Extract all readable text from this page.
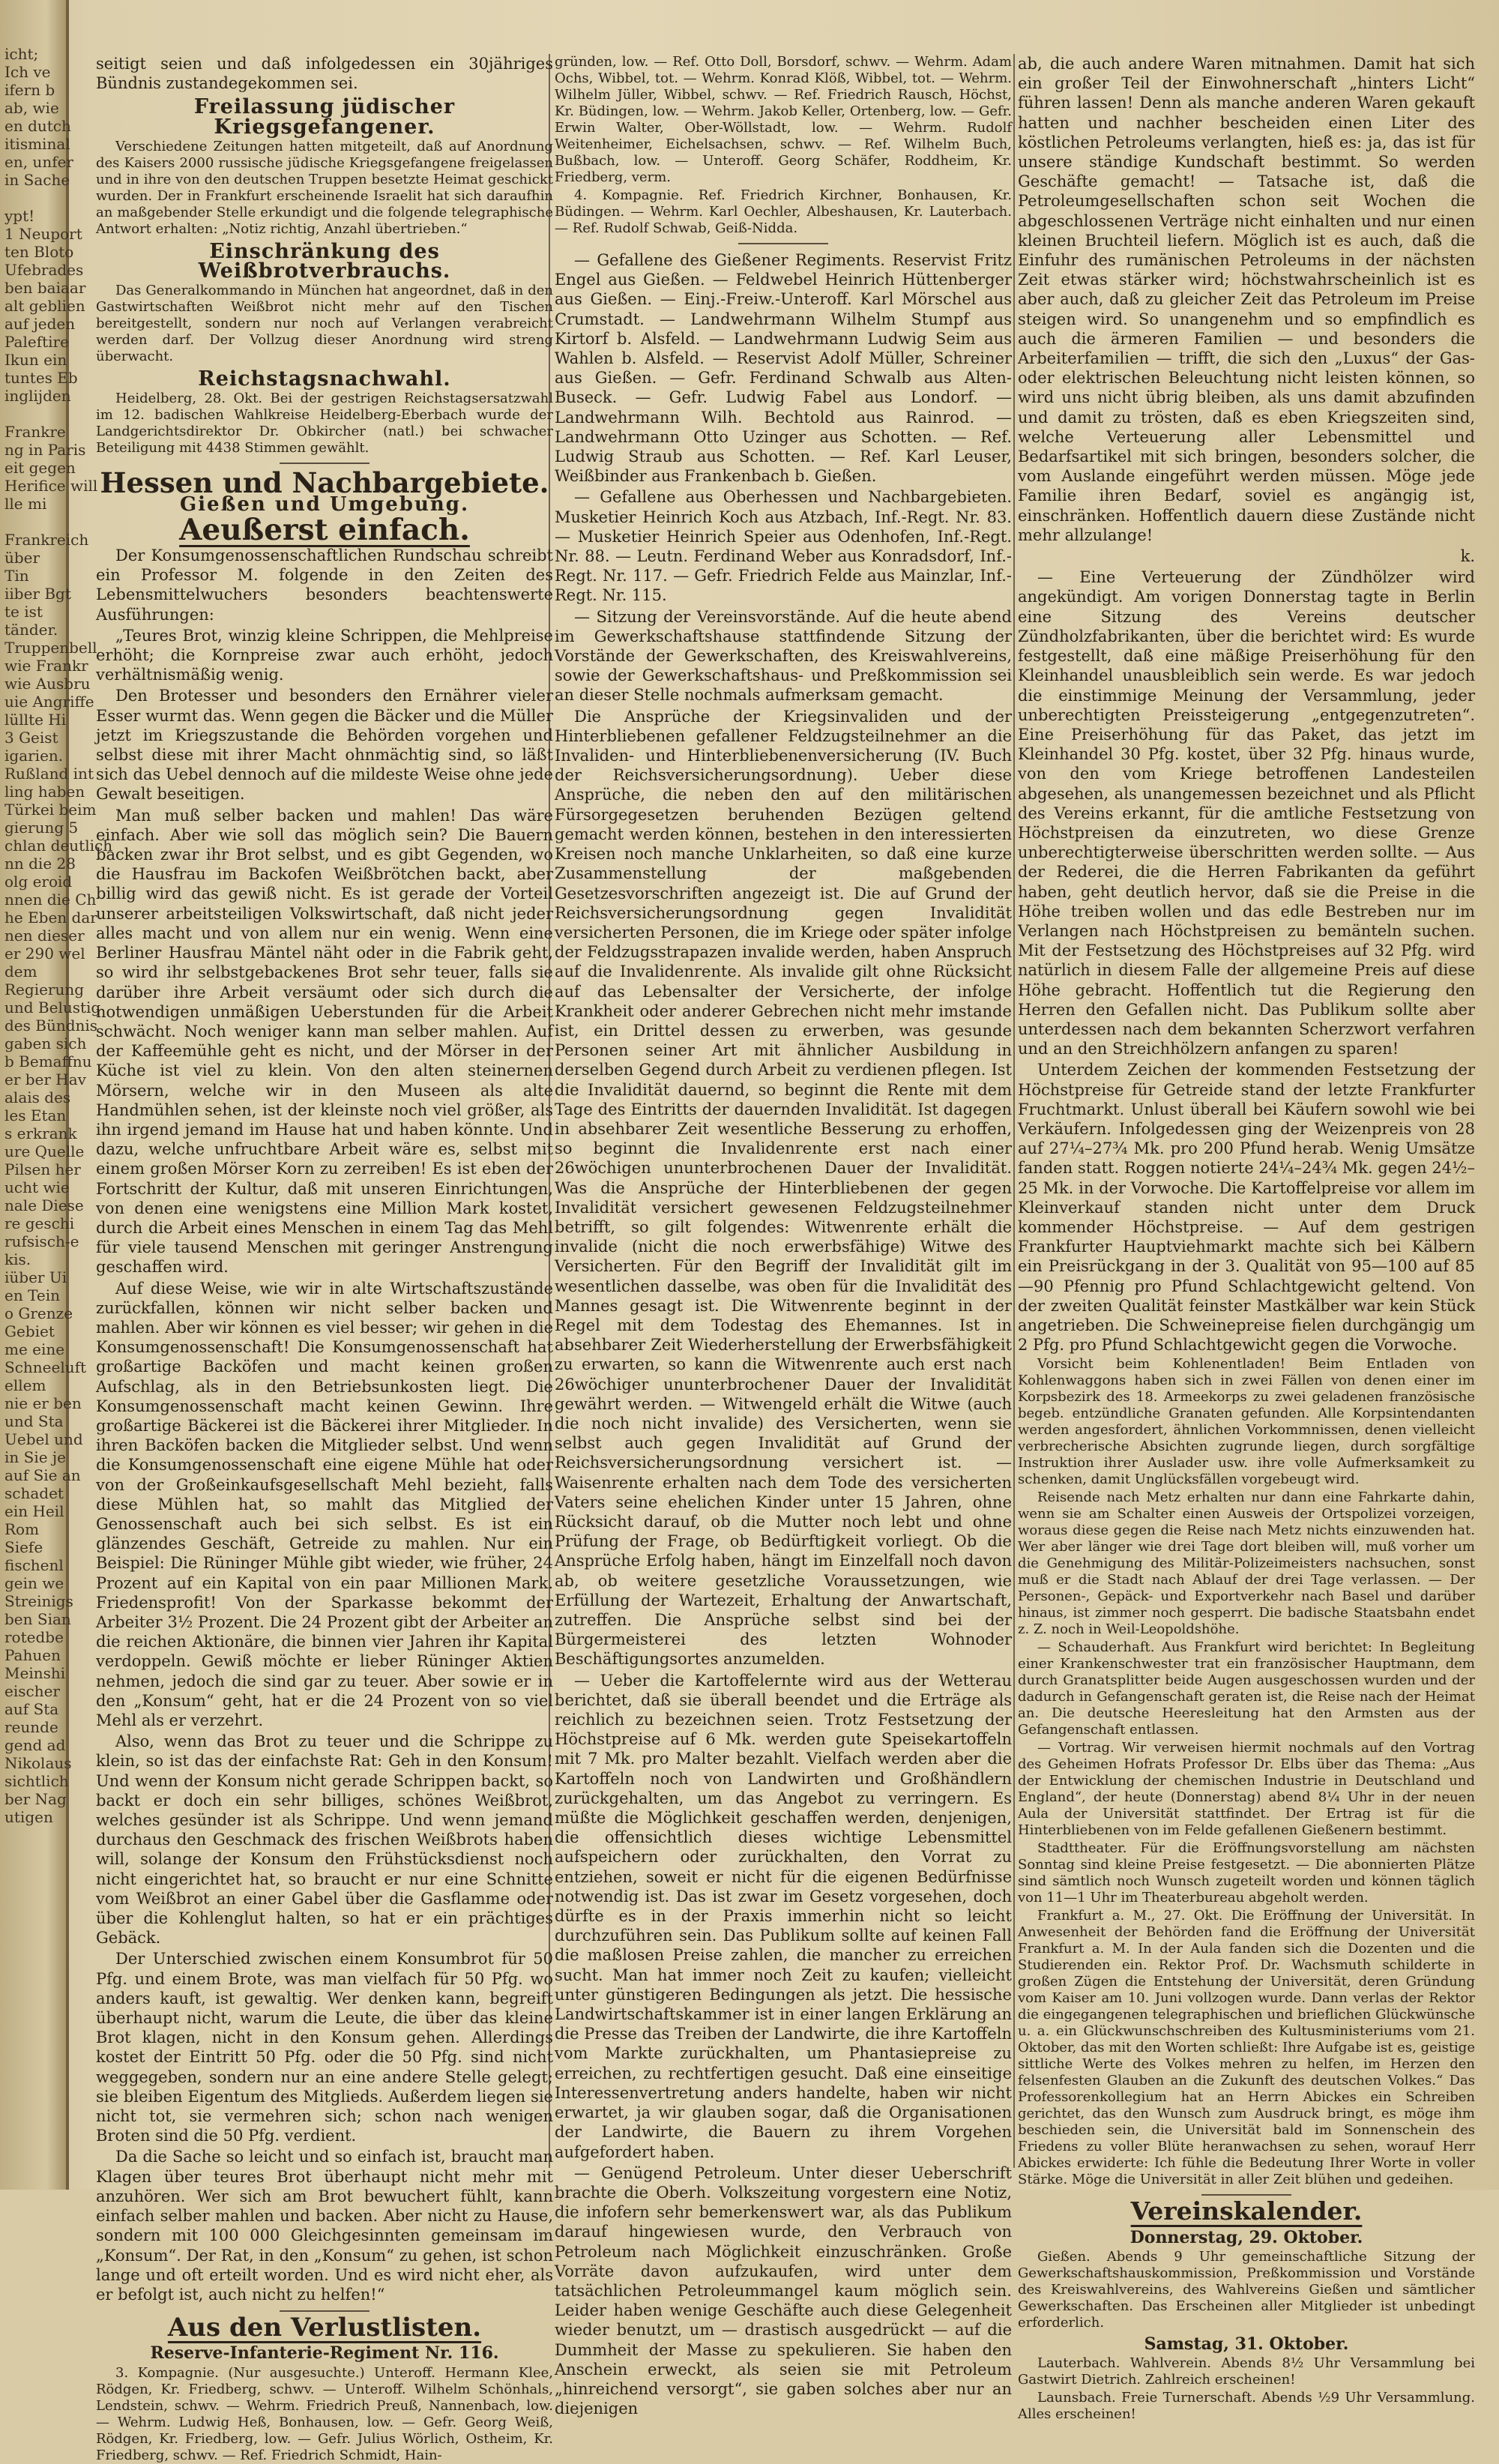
icht;
Ich ve
ifern b
ab, wie
en dutch
itisminal
en, unfer
in Sache

ypt!
1 Neuport
ten Bloto
Ufebrades
ben baiaar
alt geblien
auf jeden
Paleftire
Ikun ein
tuntes Eb
inglijden

Frankre
ng in Paris
eit gegen
Herifice will
lle mi

Frankreich
über
Tin
iiber Bgt
te ist
tänder.
Truppenbell
wie Frankr
wie Ausbru
uie Angriffe
lüllte Hi
3 Geist
igarien.
Rußland int
ling haben
Türkei beim
gierung 5
chlan deutlich
nn die 28
olg eroid
nnen die Ch
he Eben dar
nen dieser
er 290 wel
dem
Regierung
und Belustig
des Bündnis
gaben sich
b Bemaffnu
er ber Hav
alais des
les Etan
s erkrank
ure Quelle
Pilsen her
ucht wie
nale Diese
re geschi
rufsisch-e
kis.
iüber Ui
en Tein
o Grenze
Gebiet
me eine
Schneeluft
ellem
nie er ben
und Sta
Uebel und
in Sie je
auf Sie an
schadet
ein Heil
Rom
Siefe
fischenl
gein we
Streinigs
ben Sian
rotedbe
Pahuen
Meinshi
eischer
auf Sta
reunde
gend ad
Nikolaus
sichtlich
ber Nag
utigen

seitigt seien und daß infolgedessen ein 30jähriges Bündnis zustandegekommen sei.

Freilassung jüdischer Kriegsgefangener.

Verschiedene Zeitungen hatten mitgeteilt, daß auf Anordnung des Kaisers 2000 russische jüdische Kriegsgefangene freigelassen und in ihre von den deutschen Truppen besetzte Heimat geschickt wurden. Der in Frankfurt erscheinende Israelit hat sich daraufhin an maßgebender Stelle erkundigt und die folgende telegraphische Antwort erhalten: „Notiz richtig, Anzahl übertrieben.“

Einschränkung des Weißbrotverbrauchs.

Das Generalkommando in München hat angeordnet, daß in den Gastwirtschaften Weißbrot nicht mehr auf den Tischen bereitgestellt, sondern nur noch auf Verlangen verabreicht werden darf. Der Vollzug dieser Anordnung wird streng überwacht.

Reichstagsnachwahl.

Heidelberg, 28. Okt. Bei der gestrigen Reichstagsersatzwahl im 12. badischen Wahlkreise Heidelberg-Eberbach wurde der Landgerichtsdirektor Dr. Obkircher (natl.) bei schwacher Beteiligung mit 4438 Stimmen gewählt.

Hessen und Nachbargebiete.
Gießen und Umgebung.
Aeußerst einfach.

Der Konsumgenossenschaftlichen Rundschau schreibt ein Professor M. folgende in den Zeiten des Lebensmittelwuchers besonders beachtenswerte Ausführungen:

„Teures Brot, winzig kleine Schrippen, die Mehlpreise erhöht; die Kornpreise zwar auch erhöht, jedoch verhältnismäßig wenig.

Den Brotesser und besonders den Ernährer vieler Esser wurmt das. Wenn gegen die Bäcker und die Müller jetzt im Kriegszustande die Behörden vorgehen und selbst diese mit ihrer Macht ohnmächtig sind, so läßt sich das Uebel dennoch auf die mildeste Weise ohne jede Gewalt beseitigen.

Man muß selber backen und mahlen! Das wäre einfach. Aber wie soll das möglich sein? Die Bauern backen zwar ihr Brot selbst, und es gibt Gegenden, wo die Hausfrau im Backofen Weißbrötchen backt, aber billig wird das gewiß nicht. Es ist gerade der Vorteil unserer arbeitsteiligen Volkswirtschaft, daß nicht jeder alles macht und von allem nur ein wenig. Wenn eine Berliner Hausfrau Mäntel näht oder in die Fabrik geht, so wird ihr selbstgebackenes Brot sehr teuer, falls sie darüber ihre Arbeit versäumt oder sich durch die notwendigen unmäßigen Ueberstunden für die Arbeit schwächt. Noch weniger kann man selber mahlen. Auf der Kaffeemühle geht es nicht, und der Mörser in der Küche ist viel zu klein. Von den alten steinernen Mörsern, welche wir in den Museen als alte Handmühlen sehen, ist der kleinste noch viel größer, als ihn irgend jemand im Hause hat und haben könnte. Und dazu, welche unfruchtbare Arbeit wäre es, selbst mit einem großen Mörser Korn zu zerreiben! Es ist eben der Fortschritt der Kultur, daß mit unseren Einrichtungen, von denen eine wenigstens eine Million Mark kostet, durch die Arbeit eines Menschen in einem Tag das Mehl für viele tausend Menschen mit geringer Anstrengung geschaffen wird.

Auf diese Weise, wie wir in alte Wirtschaftszustände zurückfallen, können wir nicht selber backen und mahlen. Aber wir können es viel besser; wir gehen in die Konsumgenossenschaft! Die Konsumgenossenschaft hat großartige Backöfen und macht keinen großen Aufschlag, als in den Betriebsunkosten liegt. Die Konsumgenossenschaft macht keinen Gewinn. Ihre großartige Bäckerei ist die Bäckerei ihrer Mitglieder. In ihren Backöfen backen die Mitglieder selbst. Und wenn die Konsumgenossenschaft eine eigene Mühle hat oder von der Großeinkaufsgesellschaft Mehl bezieht, falls diese Mühlen hat, so mahlt das Mitglied der Genossenschaft auch bei sich selbst. Es ist ein glänzendes Geschäft, Getreide zu mahlen. Nur ein Beispiel: Die Rüninger Mühle gibt wieder, wie früher, 24 Prozent auf ein Kapital von ein paar Millionen Mark. Friedensprofit! Von der Sparkasse bekommt der Arbeiter 3½ Prozent. Die 24 Prozent gibt der Arbeiter an die reichen Aktionäre, die binnen vier Jahren ihr Kapital verdoppeln. Gewiß möchte er lieber Rüninger Aktien nehmen, jedoch die sind gar zu teuer. Aber sowie er in den „Konsum“ geht, hat er die 24 Prozent von so viel Mehl als er verzehrt.

Also, wenn das Brot zu teuer und die Schrippe zu klein, so ist das der einfachste Rat: Geh in den Konsum! Und wenn der Konsum nicht gerade Schrippen backt, so backt er doch ein sehr billiges, schönes Weißbrot, welches gesünder ist als Schrippe. Und wenn jemand durchaus den Geschmack des frischen Weißbrots haben will, solange der Konsum den Frühstücksdienst noch nicht eingerichtet hat, so braucht er nur eine Schnitte vom Weißbrot an einer Gabel über die Gasflamme oder über die Kohlenglut halten, so hat er ein prächtiges Gebäck.

Der Unterschied zwischen einem Konsumbrot für 50 Pfg. und einem Brote, was man vielfach für 50 Pfg. wo anders kauft, ist gewaltig. Wer denken kann, begreift überhaupt nicht, warum die Leute, die über das kleine Brot klagen, nicht in den Konsum gehen. Allerdings kostet der Eintritt 50 Pfg. oder die 50 Pfg. sind nicht weggegeben, sondern nur an eine andere Stelle gelegt; sie bleiben Eigentum des Mitglieds. Außerdem liegen sie nicht tot, sie vermehren sich; schon nach wenigen Broten sind die 50 Pfg. verdient.

Da die Sache so leicht und so einfach ist, braucht man Klagen über teures Brot überhaupt nicht mehr mit anzuhören. Wer sich am Brot bewuchert fühlt, kann einfach selber mahlen und backen. Aber nicht zu Hause, sondern mit 100 000 Gleichgesinnten gemeinsam im „Konsum“. Der Rat, in den „Konsum“ zu gehen, ist schon lange und oft erteilt worden. Und es wird nicht eher, als er befolgt ist, auch nicht zu helfen!“

Aus den Verlustlisten.
Reserve-Infanterie-Regiment Nr. 116.

3. Kompagnie. (Nur ausgesuchte.) Unteroff. Hermann Klee, Rödgen, Kr. Friedberg, schwv. — Unteroff. Wilhelm Schönhals, Lendstein, schwv. — Wehrm. Friedrich Preuß, Nannenbach, low. — Wehrm. Ludwig Heß, Bonhausen, low. — Gefr. Georg Weiß, Rödgen, Kr. Friedberg, low. — Gefr. Julius Wörlich, Ostheim, Kr. Friedberg, schwv. — Ref. Friedrich Schmidt, Hain-

gründen, low. — Ref. Otto Doll, Borsdorf, schwv. — Wehrm. Adam Ochs, Wibbel, tot. — Wehrm. Konrad Klöß, Wibbel, tot. — Wehrm. Wilhelm Jüller, Wibbel, schwv. — Ref. Friedrich Rausch, Höchst, Kr. Büdingen, low. — Wehrm. Jakob Keller, Ortenberg, low. — Gefr. Erwin Walter, Ober-Wöllstadt, low. — Wehrm. Rudolf Weitenheimer, Eichelsachsen, schwv. — Ref. Wilhelm Buch, Bußbach, low. — Unteroff. Georg Schäfer, Roddheim, Kr. Friedberg, verm.

4. Kompagnie. Ref. Friedrich Kirchner, Bonhausen, Kr. Büdingen. — Wehrm. Karl Oechler, Albeshausen, Kr. Lauterbach. — Ref. Rudolf Schwab, Geiß-Nidda.

— Gefallene des Gießener Regiments. Reservist Fritz Engel aus Gießen. — Feldwebel Heinrich Hüttenberger aus Gießen. — Einj.-Freiw.-Unteroff. Karl Mörschel aus Crumstadt. — Landwehrmann Wilhelm Stumpf aus Kirtorf b. Alsfeld. — Landwehrmann Ludwig Seim aus Wahlen b. Alsfeld. — Reservist Adolf Müller, Schreiner aus Gießen. — Gefr. Ferdinand Schwalb aus Alten-Buseck. — Gefr. Ludwig Fabel aus Londorf. — Landwehrmann Wilh. Bechtold aus Rainrod. — Landwehrmann Otto Uzinger aus Schotten. — Ref. Ludwig Straub aus Schotten. — Ref. Karl Leuser, Weißbinder aus Frankenbach b. Gießen.

— Gefallene aus Oberhessen und Nachbargebieten. Musketier Heinrich Koch aus Atzbach, Inf.-Regt. Nr. 83. — Musketier Heinrich Speier aus Odenhofen, Inf.-Regt. Nr. 88. — Leutn. Ferdinand Weber aus Konradsdorf, Inf.-Regt. Nr. 117. — Gefr. Friedrich Felde aus Mainzlar, Inf.-Regt. Nr. 115.

— Sitzung der Vereinsvorstände. Auf die heute abend im Gewerkschaftshause stattfindende Sitzung der Vorstände der Gewerkschaften, des Kreiswahlvereins, sowie der Gewerkschaftshaus- und Preßkommission sei an dieser Stelle nochmals aufmerksam gemacht.

Die Ansprüche der Kriegsinvaliden und der Hinterbliebenen gefallener Feldzugsteilnehmer an die Invaliden- und Hinterbliebenenversicherung (IV. Buch der Reichsversicherungsordnung). Ueber diese Ansprüche, die neben den auf den militärischen Fürsorgegesetzen beruhenden Bezügen geltend gemacht werden können, bestehen in den interessierten Kreisen noch manche Unklarheiten, so daß eine kurze Zusammenstellung der maßgebenden Gesetzesvorschriften angezeigt ist. Die auf Grund der Reichsversicherungsordnung gegen Invalidität versicherten Personen, die im Kriege oder später infolge der Feldzugsstrapazen invalide werden, haben Anspruch auf die Invalidenrente. Als invalide gilt ohne Rücksicht auf das Lebensalter der Versicherte, der infolge Krankheit oder anderer Gebrechen nicht mehr imstande ist, ein Drittel dessen zu erwerben, was gesunde Personen seiner Art mit ähnlicher Ausbildung in derselben Gegend durch Arbeit zu verdienen pflegen. Ist die Invalidität dauernd, so beginnt die Rente mit dem Tage des Eintritts der dauernden Invalidität. Ist dagegen in absehbarer Zeit wesentliche Besserung zu erhoffen, so beginnt die Invalidenrente erst nach einer 26wöchigen ununterbrochenen Dauer der Invalidität. Was die Ansprüche der Hinterbliebenen der gegen Invalidität versichert gewesenen Feldzugsteilnehmer betrifft, so gilt folgendes: Witwenrente erhält die invalide (nicht die noch erwerbsfähige) Witwe des Versicherten. Für den Begriff der Invalidität gilt im wesentlichen dasselbe, was oben für die Invalidität des Mannes gesagt ist. Die Witwenrente beginnt in der Regel mit dem Todestag des Ehemannes. Ist in absehbarer Zeit Wiederherstellung der Erwerbsfähigkeit zu erwarten, so kann die Witwenrente auch erst nach 26wöchiger ununterbrochener Dauer der Invalidität gewährt werden. — Witwengeld erhält die Witwe (auch die noch nicht invalide) des Versicherten, wenn sie selbst auch gegen Invalidität auf Grund der Reichsversicherungsordnung versichert ist. — Waisenrente erhalten nach dem Tode des versicherten Vaters seine ehelichen Kinder unter 15 Jahren, ohne Rücksicht darauf, ob die Mutter noch lebt und ohne Prüfung der Frage, ob Bedürftigkeit vorliegt. Ob die Ansprüche Erfolg haben, hängt im Einzelfall noch davon ab, ob weitere gesetzliche Voraussetzungen, wie Erfüllung der Wartezeit, Erhaltung der Anwartschaft, zutreffen. Die Ansprüche selbst sind bei der Bürgermeisterei des letzten Wohnoder Beschäftigungsortes anzumelden.

— Ueber die Kartoffelernte wird aus der Wetterau berichtet, daß sie überall beendet und die Erträge als reichlich zu bezeichnen seien. Trotz Festsetzung der Höchstpreise auf 6 Mk. werden gute Speisekartoffeln mit 7 Mk. pro Malter bezahlt. Vielfach werden aber die Kartoffeln noch von Landwirten und Großhändlern zurückgehalten, um das Angebot zu verringern. Es müßte die Möglichkeit geschaffen werden, denjenigen, die offensichtlich dieses wichtige Lebensmittel aufspeichern oder zurückhalten, den Vorrat zu entziehen, soweit er nicht für die eigenen Bedürfnisse notwendig ist. Das ist zwar im Gesetz vorgesehen, doch dürfte es in der Praxis immerhin nicht so leicht durchzuführen sein. Das Publikum sollte auf keinen Fall die maßlosen Preise zahlen, die mancher zu erreichen sucht. Man hat immer noch Zeit zu kaufen; vielleicht unter günstigeren Bedingungen als jetzt. Die hessische Landwirtschaftskammer ist in einer langen Erklärung an die Presse das Treiben der Landwirte, die ihre Kartoffeln vom Markte zurückhalten, um Phantasiepreise zu erreichen, zu rechtfertigen gesucht. Daß eine einseitige Interessenvertretung anders handelte, haben wir nicht erwartet, ja wir glauben sogar, daß die Organisationen der Landwirte, die Bauern zu ihrem Vorgehen aufgefordert haben.

— Genügend Petroleum. Unter dieser Ueberschrift brachte die Oberh. Volkszeitung vorgestern eine Notiz, die infofern sehr bemerkenswert war, als das Publikum darauf hingewiesen wurde, den Verbrauch von Petroleum nach Möglichkeit einzuschränken. Große Vorräte davon aufzukaufen, wird unter dem tatsächlichen Petroleummangel kaum möglich sein. Leider haben wenige Geschäfte auch diese Gelegenheit wieder benutzt, um — drastisch ausgedrückt — auf die Dummheit der Masse zu spekulieren. Sie haben den Anschein erweckt, als seien sie mit Petroleum „hinreichend versorgt“, sie gaben solches aber nur an diejenigen

ab, die auch andere Waren mitnahmen. Damit hat sich ein großer Teil der Einwohnerschaft „hinters Licht“ führen lassen! Denn als manche anderen Waren gekauft hatten und nachher bescheiden einen Liter des köstlichen Petroleums verlangten, hieß es: ja, das ist für unsere ständige Kundschaft bestimmt. So werden Geschäfte gemacht! — Tatsache ist, daß die Petroleumgesellschaften schon seit Wochen die abgeschlossenen Verträge nicht einhalten und nur einen kleinen Bruchteil liefern. Möglich ist es auch, daß die Einfuhr des rumänischen Petroleums in der nächsten Zeit etwas stärker wird; höchstwahrscheinlich ist es aber auch, daß zu gleicher Zeit das Petroleum im Preise steigen wird. So unangenehm und so empfindlich es auch die ärmeren Familien — und besonders die Arbeiterfamilien — trifft, die sich den „Luxus“ der Gas- oder elektrischen Beleuchtung nicht leisten können, so wird uns nicht übrig bleiben, als uns damit abzufinden und damit zu trösten, daß es eben Kriegszeiten sind, welche Verteuerung aller Lebensmittel und Bedarfsartikel mit sich bringen, besonders solcher, die vom Auslande eingeführt werden müssen. Möge jede Familie ihren Bedarf, soviel es angängig ist, einschränken. Hoffentlich dauern diese Zustände nicht mehr allzulange!

k.

— Eine Verteuerung der Zündhölzer wird angekündigt. Am vorigen Donnerstag tagte in Berlin eine Sitzung des Vereins deutscher Zündholzfabrikanten, über die berichtet wird: Es wurde festgestellt, daß eine mäßige Preiserhöhung für den Kleinhandel unausbleiblich sein werde. Es war jedoch die einstimmige Meinung der Versammlung, jeder unberechtigten Preissteigerung „entgegenzutreten“. Eine Preiserhöhung für das Paket, das jetzt im Kleinhandel 30 Pfg. kostet, über 32 Pfg. hinaus wurde, von den vom Kriege betroffenen Landesteilen abgesehen, als unangemessen bezeichnet und als Pflicht des Vereins erkannt, für die amtliche Festsetzung von Höchstpreisen da einzutreten, wo diese Grenze unberechtigterweise überschritten werden sollte. — Aus der Rederei, die die Herren Fabrikanten da geführt haben, geht deutlich hervor, daß sie die Preise in die Höhe treiben wollen und das edle Bestreben nur im Verlangen nach Höchstpreisen zu bemänteln suchen. Mit der Festsetzung des Höchstpreises auf 32 Pfg. wird natürlich in diesem Falle der allgemeine Preis auf diese Höhe gebracht. Hoffentlich tut die Regierung den Herren den Gefallen nicht. Das Publikum sollte aber unterdessen nach dem bekannten Scherzwort verfahren und an den Streichhölzern anfangen zu sparen!

Unterdem Zeichen der kommenden Festsetzung der Höchstpreise für Getreide stand der letzte Frankfurter Fruchtmarkt. Unlust überall bei Käufern sowohl wie bei Verkäufern. Infolgedessen ging der Weizenpreis von 28 auf 27¼–27¾ Mk. pro 200 Pfund herab. Wenig Umsätze fanden statt. Roggen notierte 24¼–24¾ Mk. gegen 24½–25 Mk. in der Vorwoche. Die Kartoffelpreise vor allem im Kleinverkauf standen nicht unter dem Druck kommender Höchstpreise. — Auf dem gestrigen Frankfurter Hauptviehmarkt machte sich bei Kälbern ein Preisrückgang in der 3. Qualität von 95—100 auf 85—90 Pfennig pro Pfund Schlachtgewicht geltend. Von der zweiten Qualität feinster Mastkälber war kein Stück angetrieben. Die Schweinepreise fielen durchgängig um 2 Pfg. pro Pfund Schlachtgewicht gegen die Vorwoche.

Vorsicht beim Kohlenentladen! Beim Entladen von Kohlenwaggons haben sich in zwei Fällen von denen einer im Korpsbezirk des 18. Armeekorps zu zwei geladenen französische begeb. entzündliche Granaten gefunden. Alle Korpsintendanten werden angesfordert, ähnlichen Vorkommnissen, denen vielleicht verbrecherische Absichten zugrunde liegen, durch sorgfältige Instruktion ihrer Auslader usw. ihre volle Aufmerksamkeit zu schenken, damit Unglücksfällen vorgebeugt wird.

Reisende nach Metz erhalten nur dann eine Fahrkarte dahin, wenn sie am Schalter einen Ausweis der Ortspolizei vorzeigen, woraus diese gegen die Reise nach Metz nichts einzuwenden hat. Wer aber länger wie drei Tage dort bleiben will, muß vorher um die Genehmigung des Militär-Polizeimeisters nachsuchen, sonst muß er die Stadt nach Ablauf der drei Tage verlassen. — Der Personen-, Gepäck- und Exportverkehr nach Basel und darüber hinaus, ist zimmer noch gesperrt. Die badische Staatsbahn endet z. Z. noch in Weil-Leopoldshöhe.

— Schauderhaft. Aus Frankfurt wird berichtet: In Begleitung einer Krankenschwester trat ein französischer Hauptmann, dem durch Granatsplitter beide Augen ausgeschossen wurden und der dadurch in Gefangenschaft geraten ist, die Reise nach der Heimat an. Die deutsche Heeresleitung hat den Armsten aus der Gefangenschaft entlassen.

— Vortrag. Wir verweisen hiermit nochmals auf den Vortrag des Geheimen Hofrats Professor Dr. Elbs über das Thema: „Aus der Entwicklung der chemischen Industrie in Deutschland und England“, der heute (Donnerstag) abend 8¼ Uhr in der neuen Aula der Universität stattfindet. Der Ertrag ist für die Hinterbliebenen von im Felde gefallenen Gießenern bestimmt.

Stadttheater. Für die Eröffnungsvorstellung am nächsten Sonntag sind kleine Preise festgesetzt. — Die abonnierten Plätze sind sämtlich noch Wunsch zugeteilt worden und können täglich von 11—1 Uhr im Theaterbureau abgeholt werden.

Frankfurt a. M., 27. Okt. Die Eröffnung der Universität. In Anwesenheit der Behörden fand die Eröffnung der Universität Frankfurt a. M. In der Aula fanden sich die Dozenten und die Studierenden ein. Rektor Prof. Dr. Wachsmuth schilderte in großen Zügen die Entstehung der Universität, deren Gründung vom Kaiser am 10. Juni vollzogen wurde. Dann verlas der Rektor die eingegangenen telegraphischen und brieflichen Glückwünsche u. a. ein Glückwunschschreiben des Kultusministeriums vom 21. Oktober, das mit den Worten schließt: Ihre Aufgabe ist es, geistige sittliche Werte des Volkes mehren zu helfen, im Herzen den felsenfesten Glauben an die Zukunft des deutschen Volkes.“ Das Professorenkollegium hat an Herrn Abickes ein Schreiben gerichtet, das den Wunsch zum Ausdruck bringt, es möge ihm beschieden sein, die Universität bald im Sonnenschein des Friedens zu voller Blüte heranwachsen zu sehen, worauf Herr Abickes erwiderte: Ich fühle die Bedeutung Ihrer Worte in voller Stärke. Möge die Universität in aller Zeit blühen und gedeihen.

Vereinskalender.
Donnerstag, 29. Oktober.

Gießen. Abends 9 Uhr gemeinschaftliche Sitzung der Gewerkschaftshauskommission, Preßkommission und Vorstände des Kreiswahlvereins, des Wahlvereins Gießen und sämtlicher Gewerkschaften. Das Erscheinen aller Mitglieder ist unbedingt erforderlich.

Samstag, 31. Oktober.

Lauterbach. Wahlverein. Abends 8½ Uhr Versammlung bei Gastwirt Dietrich. Zahlreich erscheinen!

Launsbach. Freie Turnerschaft. Abends ½9 Uhr Versammlung. Alles erscheinen!
